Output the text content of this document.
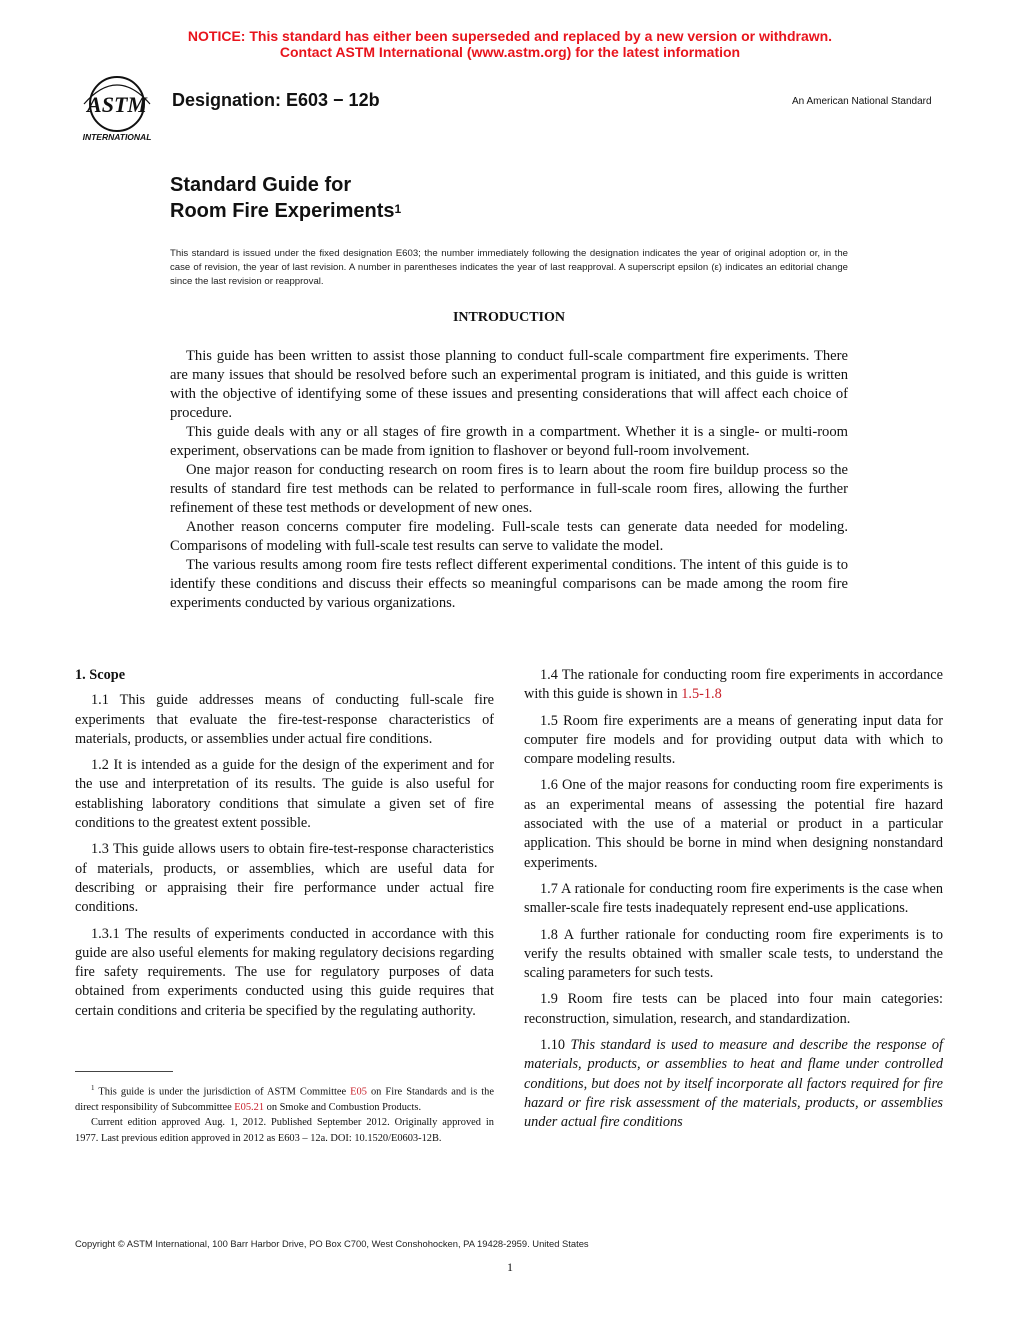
NOTICE: This standard has either been superseded and replaced by a new version or withdrawn.
Contact ASTM International (www.astm.org) for the latest information
ASTM
INTERNATIONAL
Designation: E603 − 12b	An American National Standard
Standard Guide for
Room Fire Experiments$^1$
This standard is issued under the fixed designation E603; the number immediately following the designation indicates the year of original adoption or, in the case of revision, the year of last revision. A number in parentheses indicates the year of last reapproval. A superscript epsilon (ε) indicates an editorial change since the last revision or reapproval.
INTRODUCTION

This guide has been written to assist those planning to conduct full-scale compartment fire experiments. There are many issues that should be resolved before such an experimental program is initiated, and this guide is written with the objective of identifying some of these issues and presenting considerations that will affect each choice of procedure.

This guide deals with any or all stages of fire growth in a compartment. Whether it is a single- or multi-room experiment, observations can be made from ignition to flashover or beyond full-room involvement.

One major reason for conducting research on room fires is to learn about the room fire buildup process so the results of standard fire test methods can be related to performance in full-scale room fires, allowing the further refinement of these test methods or development of new ones.

Another reason concerns computer fire modeling. Full-scale tests can generate data needed for modeling. Comparisons of modeling with full-scale test results can serve to validate the model.

The various results among room fire tests reflect different experimental conditions. The intent of this guide is to identify these conditions and discuss their effects so meaningful comparisons can be made among the room fire experiments conducted by various organizations.

1. Scope

1.1 This guide addresses means of conducting full-scale fire experiments that evaluate the fire-test-response characteristics of materials, products, or assemblies under actual fire conditions.

1.2 It is intended as a guide for the design of the experiment and for the use and interpretation of its results. The guide is also useful for establishing laboratory conditions that simulate a given set of fire conditions to the greatest extent possible.

1.3 This guide allows users to obtain fire-test-response characteristics of materials, products, or assemblies, which are useful data for describing or appraising their fire performance under actual fire conditions.

1.3.1 The results of experiments conducted in accordance with this guide are also useful elements for making regulatory decisions regarding fire safety requirements. The use for regulatory purposes of data obtained from experiments conducted using this guide requires that certain conditions and criteria be specified by the regulating authority.

1.4 The rationale for conducting room fire experiments in accordance with this guide is shown in 1.5-1.8

1.5 Room fire experiments are a means of generating input data for computer fire models and for providing output data with which to compare modeling results.

1.6 One of the major reasons for conducting room fire experiments is as an experimental means of assessing the potential fire hazard associated with the use of a material or product in a particular application. This should be borne in mind when designing nonstandard experiments.

1.7 A rationale for conducting room fire experiments is the case when smaller-scale fire tests inadequately represent end-use applications.

1.8 A further rationale for conducting room fire experiments is to verify the results obtained with smaller scale tests, to understand the scaling parameters for such tests.

1.9 Room fire tests can be placed into four main categories: reconstruction, simulation, research, and standardization.

1.10 This standard is used to measure and describe the response of materials, products, or assemblies to heat and flame under controlled conditions, but does not by itself incorporate all factors required for fire hazard or fire risk assessment of the materials, products, or assemblies under actual fire conditions

$^1$ This guide is under the jurisdiction of ASTM Committee E05 on Fire Standards and is the direct responsibility of Subcommittee E05.21 on Smoke and Combustion Products.

Current edition approved Aug. 1, 2012. Published September 2012. Originally approved in 1977. Last previous edition approved in 2012 as E603 – 12a. DOI: 10.1520/E0603-12B.

Copyright © ASTM International, 100 Barr Harbor Drive, PO Box C700, West Conshohocken, PA 19428-2959. United States
1
